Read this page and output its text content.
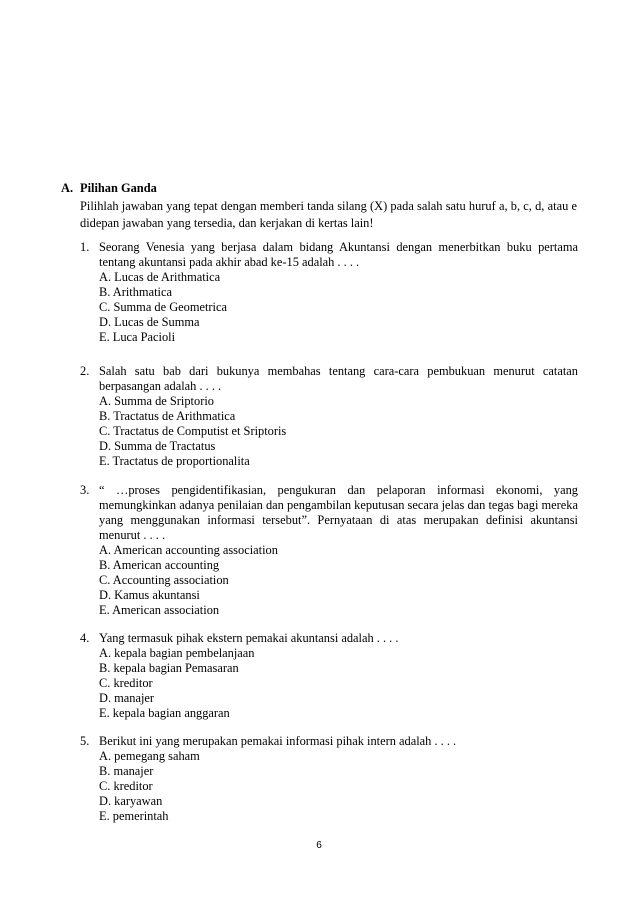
A. Pilihan Ganda

Pilihlah jawaban yang tepat dengan memberi tanda silang (X) pada salah satu huruf a, b, c, d, atau e didepan jawaban yang tersedia, dan kerjakan di kertas lain!

1. Seorang Venesia yang berjasa dalam bidang Akuntansi dengan menerbitkan buku pertama tentang akuntansi pada akhir abad ke-15 adalah . . . .

A. Lucas de Arithmatica

B. Arithmatica

C. Summa de Geometrica

D. Lucas de Summa

E. Luca Pacioli

2. Salah satu bab dari bukunya membahas tentang cara-cara pembukuan menurut catatan berpasangan adalah . . . .

A. Summa de Sriptorio

B. Tractatus de Arithmatica

C. Tractatus de Computist et Sriptoris

D. Summa de Tractatus

E. Tractatus de proportionalita

3. “ …proses pengidentifikasian, pengukuran dan pelaporan informasi ekonomi, yang memungkinkan adanya penilaian dan pengambilan keputusan secara jelas dan tegas bagi mereka yang menggunakan informasi tersebut”. Pernyataan di atas merupakan definisi akuntansi menurut . . . .

A. American accounting association

B. American accounting

C. Accounting association

D. Kamus akuntansi

E. American association

4. Yang termasuk pihak ekstern pemakai akuntansi adalah . . . .

A. kepala bagian pembelanjaan

B. kepala bagian Pemasaran

C. kreditor

D. manajer

E. kepala bagian anggaran

5. Berikut ini yang merupakan pemakai informasi pihak intern adalah . . . .

A. pemegang saham

B. manajer

C. kreditor

D. karyawan

E. pemerintah

6
